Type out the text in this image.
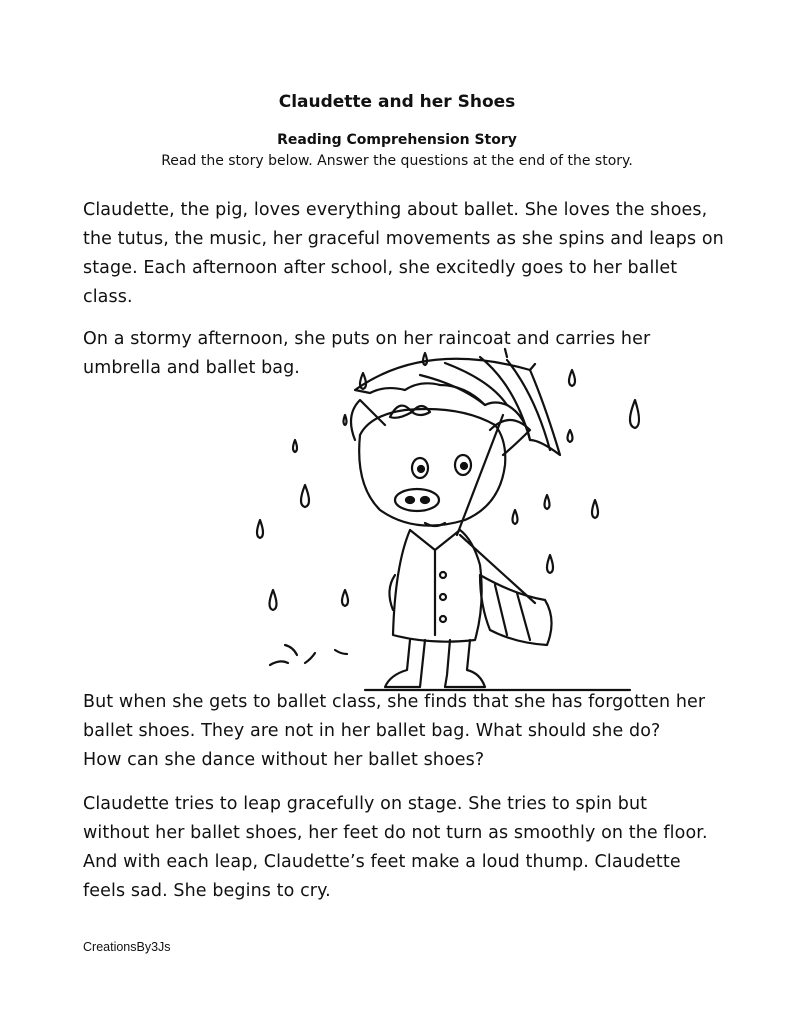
Claudette and her Shoes
Reading Comprehension Story
Read the story below. Answer the questions at the end of the story.
Claudette, the pig, loves everything about ballet. She loves the shoes,
the tutus, the music, her graceful movements as she spins and leaps on
stage. Each afternoon after school, she excitedly goes to her ballet
class.
On a stormy afternoon, she puts on her raincoat and carries her
umbrella and ballet bag.
But when she gets to ballet class, she finds that she has forgotten her
ballet shoes. They are not in her ballet bag. What should she do?
How can she dance without her ballet shoes?
Claudette tries to leap gracefully on stage. She tries to spin but
without her ballet shoes, her feet do not turn as smoothly on the floor.
And with each leap, Claudette’s feet make a loud thump. Claudette
feels sad. She begins to cry.
CreationsBy3Js
